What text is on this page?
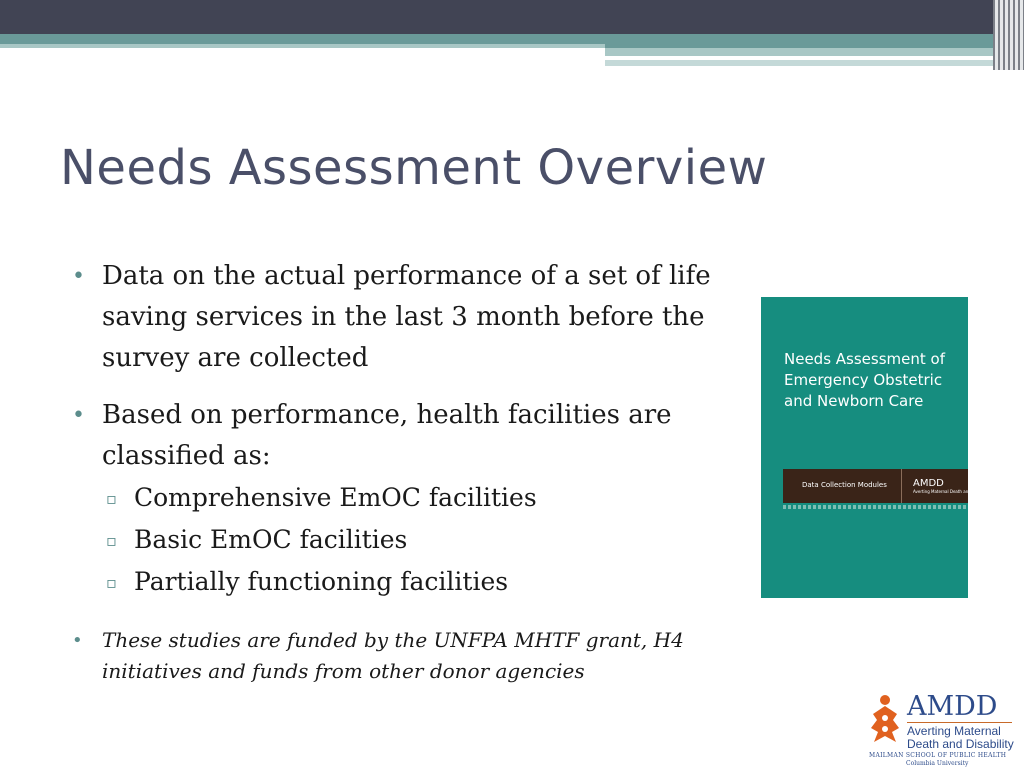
Needs Assessment Overview
• Data on the actual performance of a set of life saving services in the last 3 month before the survey are collected
• Based on performance, health facilities are classified as:
▫ Comprehensive EmOC facilities
▫ Basic EmOC facilities
▫ Partially functioning facilities
• These studies are funded by the UNFPA MHTF grant, H4 initiatives and funds from other donor agencies
Needs Assessment of Emergency Obstetric and Newborn Care
Data Collection Modules	AMDD
Averting Maternal Death and Disability
AMDD
Averting Maternal
Death and Disability
MAILMAN SCHOOL OF PUBLIC HEALTH
Columbia University
